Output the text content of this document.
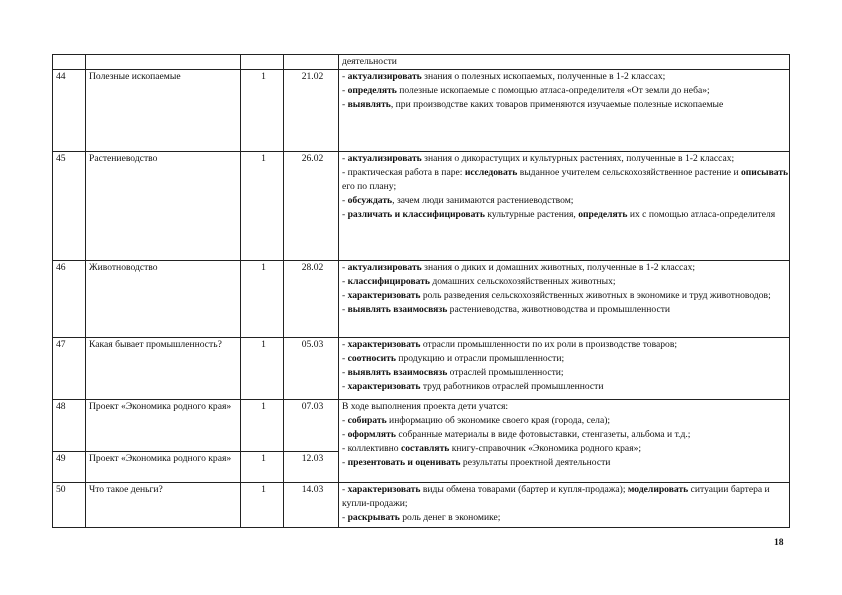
				деятельности

44	Полезные ископаемые	1	21.02	- актуализировать знания о полезных ископаемых, полученные в 1-2 классах;
- определять полезные ископаемые с помощью атласа-определителя «От земли до неба»;
- выявлять, при производстве каких товаров применяются изучаемые полезные ископаемые

45	Растениеводство	1	26.02	- актуализировать знания о дикорастущих и культурных растениях, полученные в 1-2 классах;
- практическая работа в паре: исследовать выданное учителем сельскохозяйственное растение и описывать его по плану;
- обсуждать, зачем люди занимаются растениеводством;
- различать и классифицировать культурные растения, определять их с помощью атласа-определителя

46	Животноводство	1	28.02	- актуализировать знания о диких и домашних животных, полученные в 1-2 классах;
- классифицировать домашних сельскохозяйственных животных;
- характеризовать роль разведения сельскохозяйственных животных в экономике и труд животноводов;
- выявлять взаимосвязь растениеводства, животноводства и промышленности

47	Какая бывает промышленность?	1	05.03	- характеризовать отрасли промышленности по их роли в производстве товаров;
- соотносить продукцию и отрасли промышленности;
- выявлять взаимосвязь отраслей промышленности;
- характеризовать труд работников отраслей промышленности

48	Проект «Экономика родного края»	1	07.03	В ходе выполнения проекта дети учатся:
- собирать информацию об экономике своего края (города, села);
- оформлять собранные материалы в виде фотовыставки, стенгазеты, альбома и т.д.;
- коллективно составлять книгу-справочник «Экономика родного края»;
- презентовать и оценивать результаты проектной деятельности

49	Проект «Экономика родного края»	1	12.03	
50	Что такое деньги?	1	14.03	- характеризовать виды обмена товарами (бартер и купля-продажа); моделировать ситуации бартера и купли-продажи;
- раскрывать роль денег в экономике;
18
